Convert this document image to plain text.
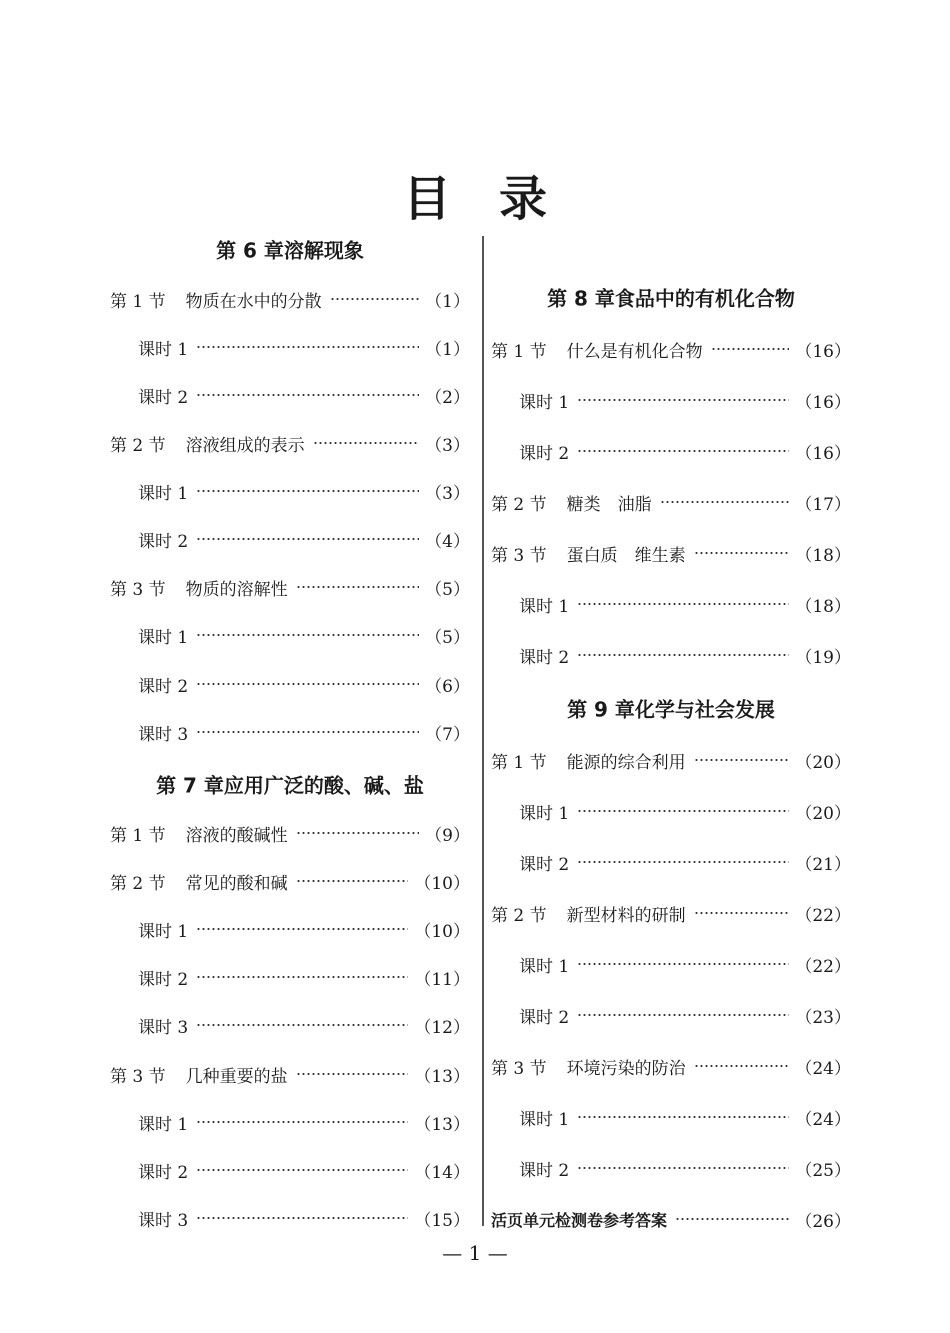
目 录
第 6 章溶解现象
第 1 节 物质在水中的分散	（1）
课时 1	（1）
课时 2	（2）
第 2 节 溶液组成的表示	（3）
课时 1	（3）
课时 2	（4）
第 3 节 物质的溶解性	（5）
课时 1	（5）
课时 2	（6）
课时 3	（7）
第 7 章应用广泛的酸、碱、盐
第 1 节 溶液的酸碱性	（9）
第 2 节 常见的酸和碱	（10）
课时 1	（10）
课时 2	（11）
课时 3	（12）
第 3 节 几种重要的盐	（13）
课时 1	（13）
课时 2	（14）
课时 3	（15）
第 8 章食品中的有机化合物
第 1 节 什么是有机化合物	（16）
课时 1	（16）
课时 2	（16）
第 2 节 糖类　油脂	（17）
第 3 节 蛋白质　维生素	（18）
课时 1	（18）
课时 2	（19）
第 9 章化学与社会发展
第 1 节 能源的综合利用	（20）
课时 1	（20）
课时 2	（21）
第 2 节 新型材料的研制	（22）
课时 1	（22）
课时 2	（23）
第 3 节 环境污染的防治	（24）
课时 1	（24）
课时 2	（25）
活页单元检测卷参考答案	（26）
— 1 —
